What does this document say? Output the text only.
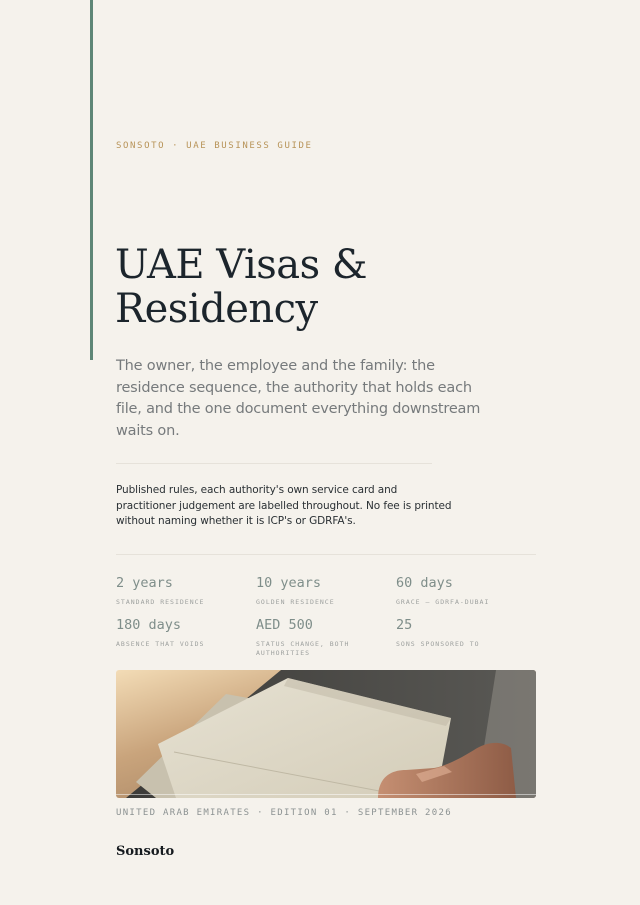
SONSOTO · UAE BUSINESS GUIDE
UAE Visas &
Residency

The owner, the employee and the family: the residence sequence, the authority that holds each file, and the one document everything downstream waits on.

Published rules, each authority's own service card and practitioner judgement are labelled throughout. No fee is printed without naming whether it is ICP's or GDRFA's.

2 years
STANDARD RESIDENCE
10 years
GOLDEN RESIDENCE
60 days
GRACE — GDRFA-DUBAI
180 days
ABSENCE THAT VOIDS
AED 500
STATUS CHANGE, BOTH AUTHORITIES
25
SONS SPONSORED TO
UNITED ARAB EMIRATES · EDITION 01 · SEPTEMBER 2026
Sonsoto
